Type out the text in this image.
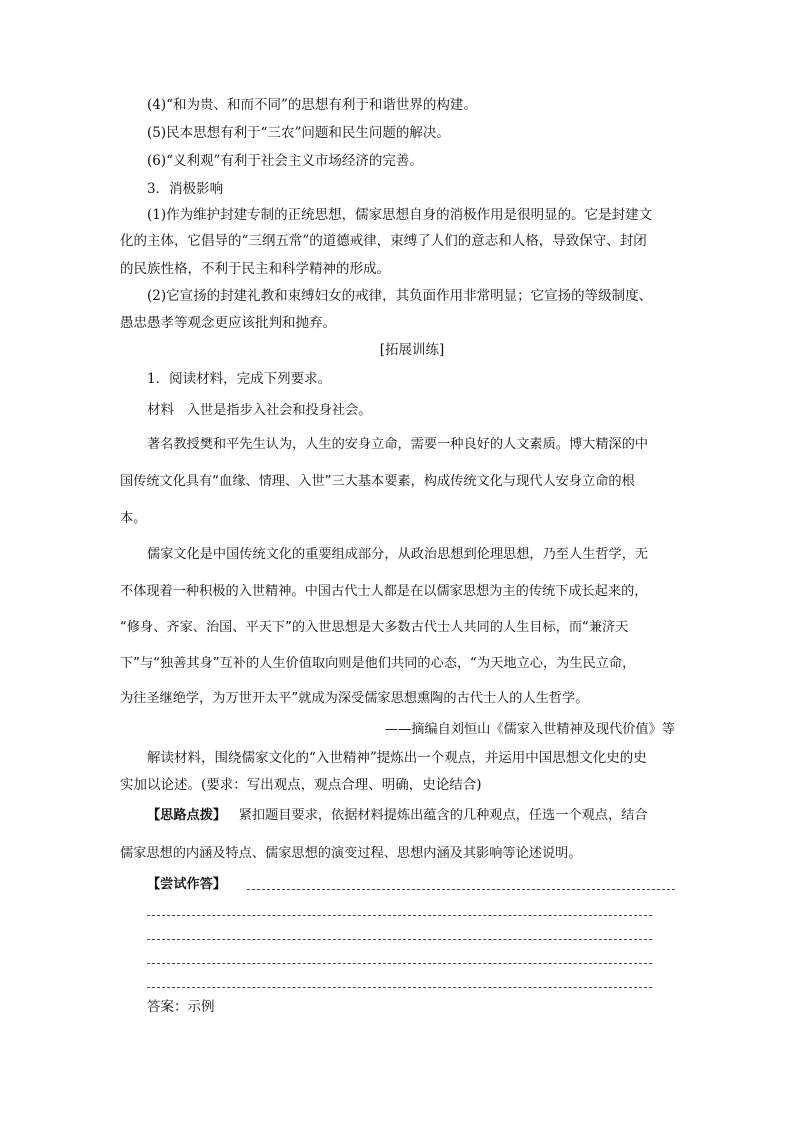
(4)“和为贵、和而不同”的思想有利于和谐世界的构建。
(5)民本思想有利于“三农”问题和民生问题的解决。
(6)“义利观”有利于社会主义市场经济的完善。
3．消极影响
(1)作为维护封建专制的正统思想，儒家思想自身的消极作用是很明显的。它是封建文
化的主体，它倡导的“三纲五常”的道德戒律，束缚了人们的意志和人格，导致保守、封闭
的民族性格，不利于民主和科学精神的形成。
(2)它宣扬的封建礼教和束缚妇女的戒律，其负面作用非常明显；它宣扬的等级制度、
愚忠愚孝等观念更应该批判和抛弃。
[拓展训练]
1．阅读材料，完成下列要求。
材料 入世是指步入社会和投身社会。
著名教授樊和平先生认为，人生的安身立命，需要一种良好的人文素质。博大精深的中
国传统文化具有“血缘、情理、入世”三大基本要素，构成传统文化与现代人安身立命的根
本。
儒家文化是中国传统文化的重要组成部分，从政治思想到伦理思想，乃至人生哲学，无
不体现着一种积极的入世精神。中国古代士人都是在以儒家思想为主的传统下成长起来的，
“修身、齐家、治国、平天下”的入世思想是大多数古代士人共同的人生目标，而“兼济天
下”与“独善其身”互补的人生价值取向则是他们共同的心态，“为天地立心，为生民立命，
为往圣继绝学，为万世开太平”就成为深受儒家思想熏陶的古代士人的人生哲学。
——摘编自刘恒山《儒家入世精神及现代价值》等
解读材料，围绕儒家文化的“入世精神”提炼出一个观点，并运用中国思想文化史的史
实加以论述。(要求：写出观点，观点合理、明确，史论结合)
【思路点拨】 紧扣题目要求，依据材料提炼出蕴含的几种观点，任选一个观点，结合
儒家思想的内涵及特点、儒家思想的演变过程、思想内涵及其影响等论述说明。
【尝试作答】
答案：示例
